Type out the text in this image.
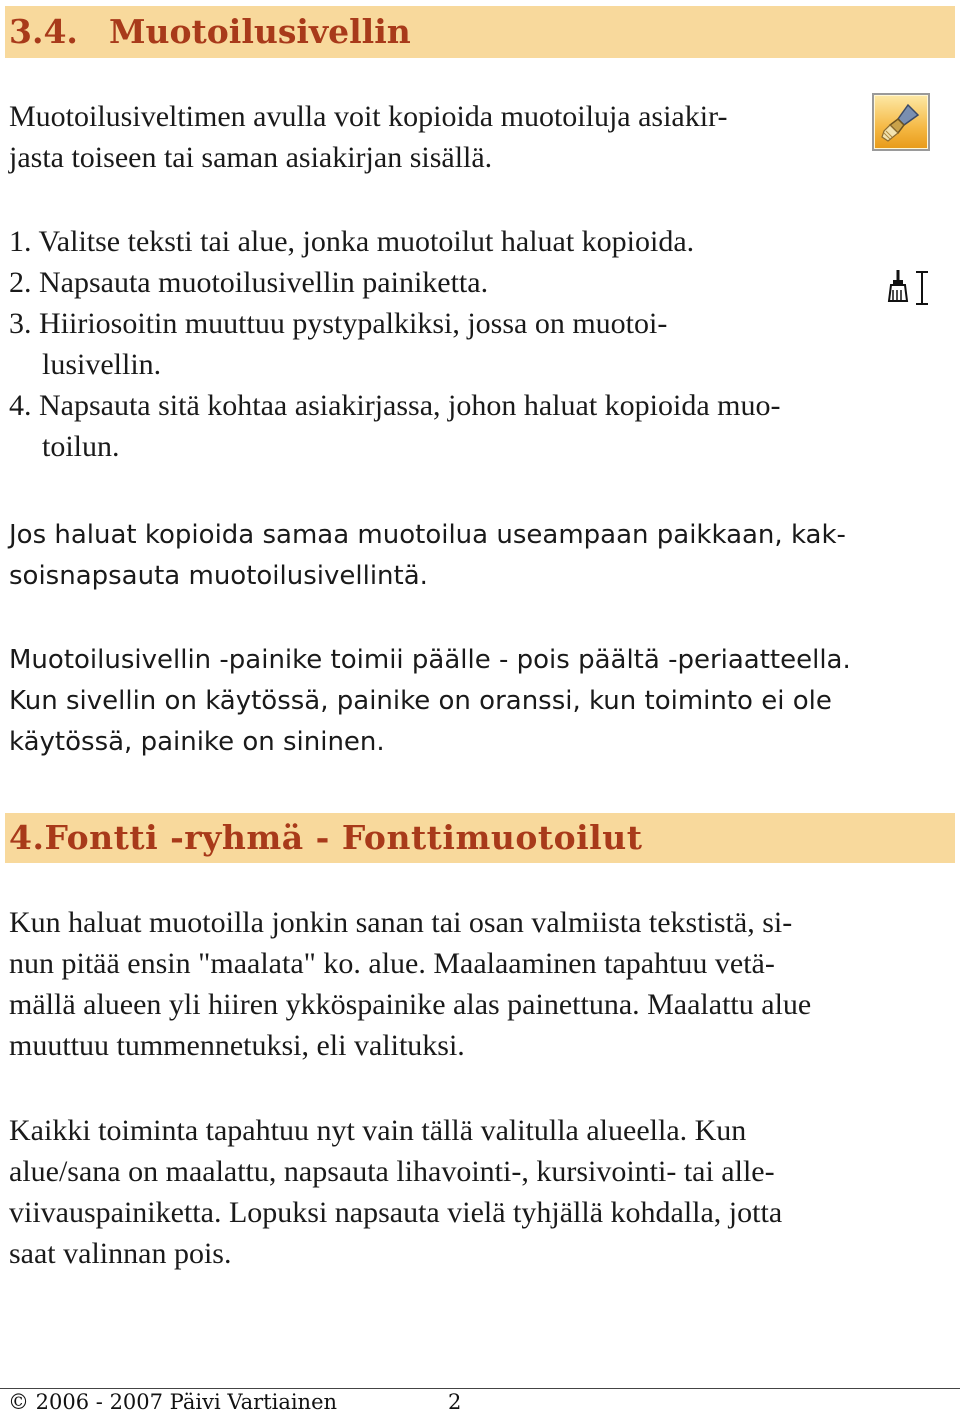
3.4. Muotoilusivellin

Muotoilusiveltimen avulla voit kopioida muotoiluja asiakir-
jasta toiseen tai saman asiakirjan sisällä.

1. Valitse teksti tai alue, jonka muotoilut haluat kopioida.
2. Napsauta muotoilusivellin painiketta.
3. Hiiriosoitin muuttuu pystypalkiksi, jossa on muotoi-
lusivellin.
4. Napsauta sitä kohtaa asiakirjassa, johon haluat kopioida muo-
toilun.

Jos haluat kopioida samaa muotoilua useampaan paikkaan, kak-
soisnapsauta muotoilusivellintä.

Muotoilusivellin -painike toimii päälle - pois päältä -periaatteella.
Kun sivellin on käytössä, painike on oranssi, kun toiminto ei ole
käytössä, painike on sininen.

4.Fontti -ryhmä - Fonttimuotoilut

Kun haluat muotoilla jonkin sanan tai osan valmiista tekstistä, si-
nun pitää ensin "maalata" ko. alue. Maalaaminen tapahtuu vetä-
mällä alueen yli hiiren ykköspainike alas painettuna. Maalattu alue
muuttuu tummennetuksi, eli valituksi.

Kaikki toiminta tapahtuu nyt vain tällä valitulla alueella. Kun
alue/sana on maalattu, napsauta lihavointi-, kursivointi- tai alle-
viivauspainiketta. Lopuksi napsauta vielä tyhjällä kohdalla, jotta
saat valinnan pois.

© 2006 - 2007 Päivi Vartiainen	2
